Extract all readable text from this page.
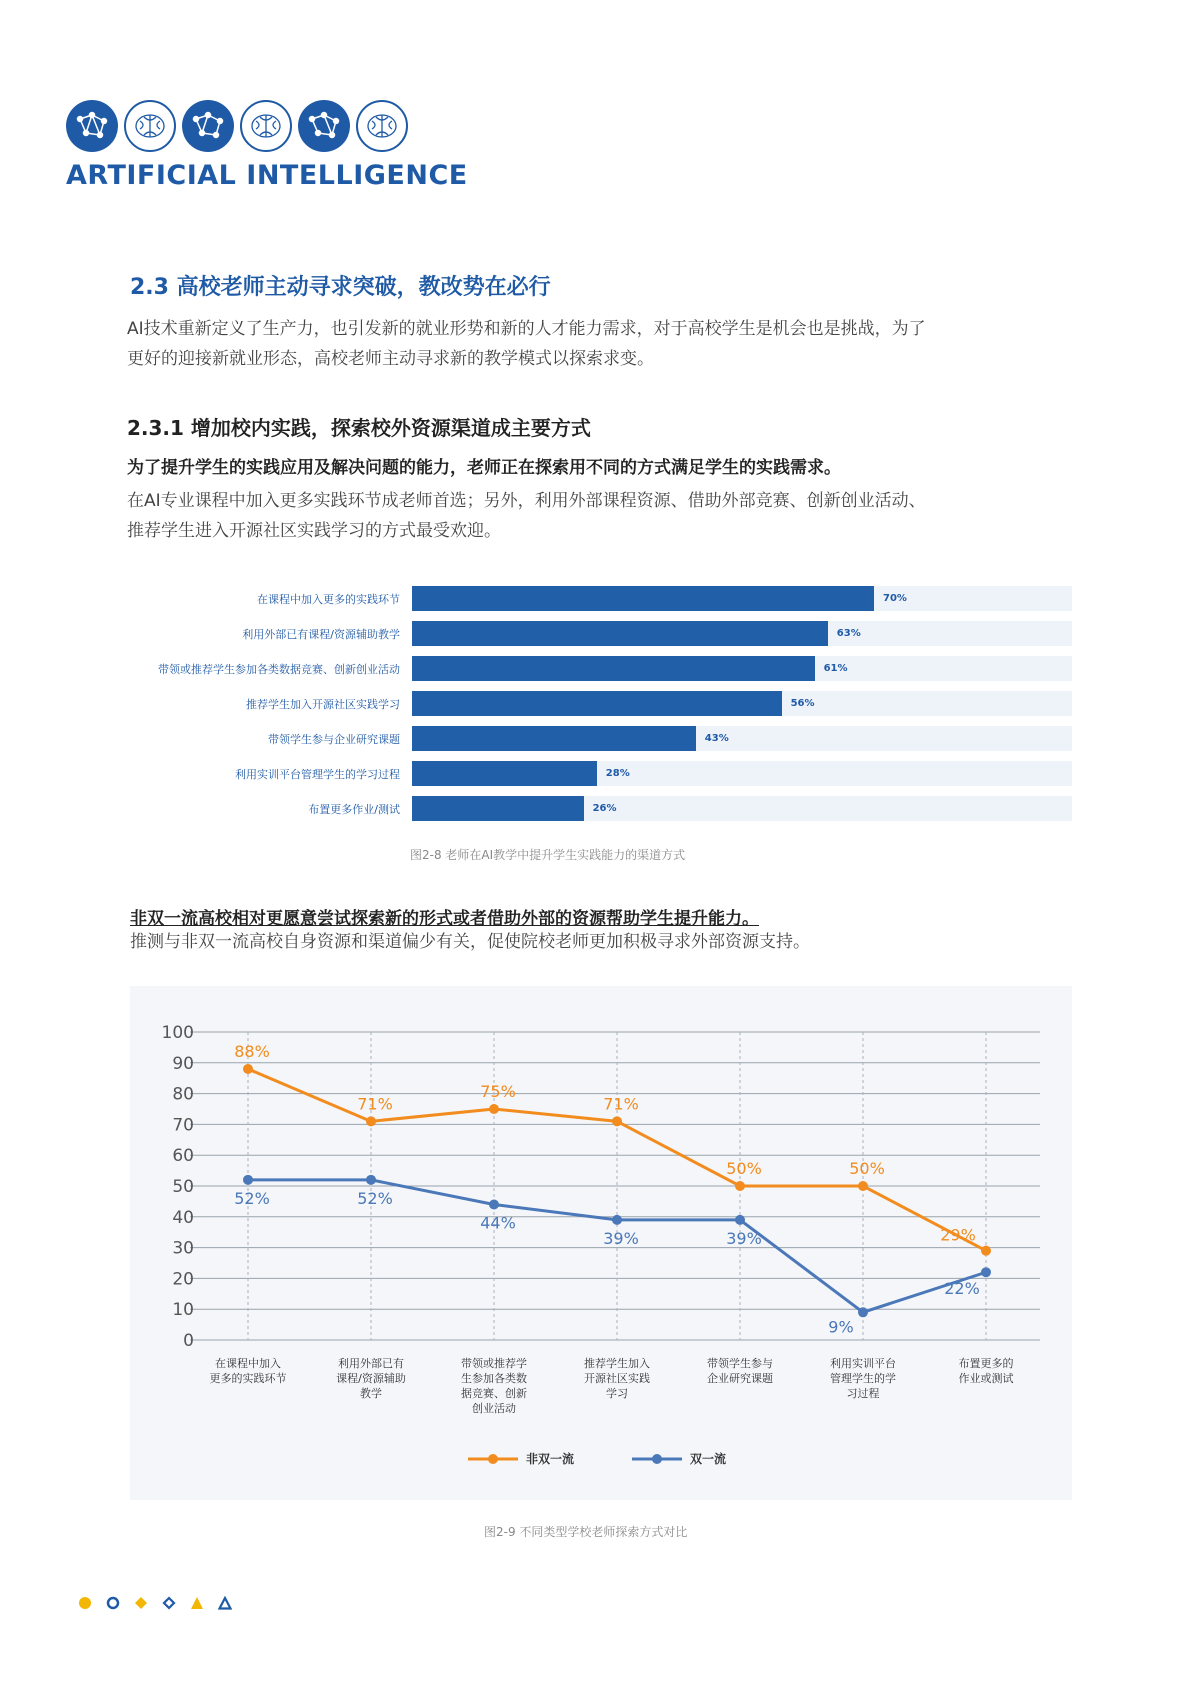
ARTIFICIAL INTELLIGENCE
2.3 高校老师主动寻求突破，教改势在必行
AI技术重新定义了生产力，也引发新的就业形势和新的人才能力需求，对于高校学生是机会也是挑战，为了
更好的迎接新就业形态，高校老师主动寻求新的教学模式以探索求变。
2.3.1 增加校内实践，探索校外资源渠道成主要方式
为了提升学生的实践应用及解决问题的能力，老师正在探索用不同的方式满足学生的实践需求。
在AI专业课程中加入更多实践环节成老师首选；另外，利用外部课程资源、借助外部竞赛、创新创业活动、
推荐学生进入开源社区实践学习的方式最受欢迎。
在课程中加入更多的实践环节	70%
利用外部已有课程/资源辅助教学	63%
带领或推荐学生参加各类数据竞赛、创新创业活动	61%
推荐学生加入开源社区实践学习	56%
带领学生参与企业研究课题	43%
利用实训平台管理学生的学习过程	28%
布置更多作业/测试	26%
图2-8 老师在AI教学中提升学生实践能力的渠道方式
非双一流高校相对更愿意尝试探索新的形式或者借助外部的资源帮助学生提升能力。
推测与非双一流高校自身资源和渠道偏少有关，促使院校老师更加积极寻求外部资源支持。
0
10
20
30
40
50
60
70
80
90
100
在课程中加入
更多的实践环节
利用外部已有
课程/资源辅助
教学
带领或推荐学
生参加各类数
据竞赛、创新
创业活动
推荐学生加入
开源社区实践
学习
带领学生参与
企业研究课题
利用实训平台
管理学生的学
习过程
布置更多的
作业或测试
88%
71%
75%
71%
50%	50%
29%
52%	52%
44%
39%	39%
9%
22%
非双一流	双一流
图2-9 不同类型学校老师探索方式对比
